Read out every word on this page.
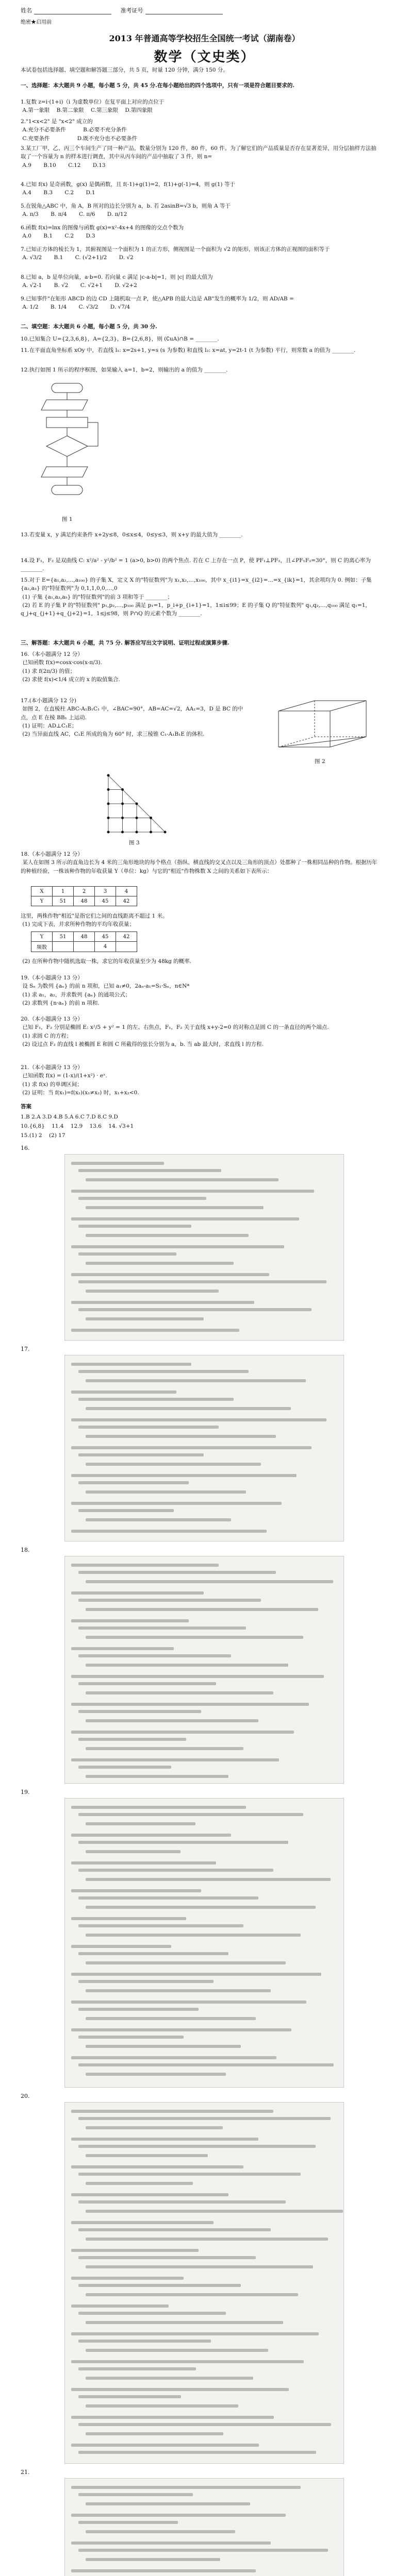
姓名	准考证号
绝密★启用前
2013 年普通高等学校招生全国统一考试（湖南卷）
数学（文史类）
本试卷包括选择题、填空题和解答题三部分，共 5 页，时量 120 分钟，满分 150 分。
一、选择题：本大题共 9 小题，每小题 5 分，共 45 分.在每小题给出的四个选项中，只有一项是符合题目要求的.
1.复数 z=i·(1+i)（i 为虚数单位）在复平面上对应的点位于
A.第一象限    B.第二象限    C.第三象限    D.第四象限
2."1<x<2" 是 "x<2" 成立的
A.充分不必要条件          B.必要不充分条件
C.充要条件                D.既不充分也不必要条件
3.某工厂甲、乙、丙三个车间生产了同一种产品，数量分别为 120 件，80 件，60 件。为了解它们的产品质量是否存在显著差异，用分层抽样方法抽取了一个容量为 n 的样本进行调查，其中从丙车间的产品中抽取了 3 件，则 n=
A.9       B.10       C.12       D.13
4.已知 f(x) 是奇函数，g(x) 是偶函数，且 f(-1)+g(1)=2，f(1)+g(-1)=4，则 g(1) 等于
A.4       B.3       C.2       D.1
5.在锐角△ABC 中，角 A，B 所对的边长分别为 a，b. 若 2asinB=√3 b，则角 A 等于
A. π/3       B. π/4       C. π/6       D. π/12
6.函数 f(x)=lnx 的图像与函数 g(x)=x²-4x+4 的图像的交点个数为
A.0       B.1       C.2       D.3
7.已知正方体的棱长为 1，其俯视图是一个面积为 1 的正方形，侧视图是一个面积为 √2 的矩形，则该正方体的正视图的面积等于
A. √3/2       B.1       C. (√2+1)/2       D. √2
8.已知 a，b 是单位向量，a·b=0. 若向量 c 满足 |c-a-b|=1，则 |c| 的最大值为
A. √2-1       B. √2       C. √2+1       D. √2+2
9.已知事件"在矩形 ABCD 的边 CD 上随机取一点 P，使△APB 的最大边是 AB"发生的概率为 1/2，则 AD/AB =
A. 1/2       B. 1/4       C. √3/2       D. √7/4
二、填空题：本大题共 6 小题，每小题 5 分，共 30 分.
10.已知集合 U={2,3,6,8}，A={2,3}，B={2,6,8}，则 (∁uA)∩B = ________.
11.在平面直角坐标系 xOy 中，若直线 l₁: x=2s+1, y=s (s 为参数) 和直线 l₂: x=at, y=2t-1 (t 为参数) 平行，则常数 a 的值为 ________.
12.执行如图 1 所示的程序框图，如果输入 a=1，b=2，则输出的 a 的值为 ________.
图 1
13.若变量 x，y 满足约束条件 x+2y≤8，0≤x≤4，0≤y≤3，则 x+y 的最大值为 ________.
14.设 F₁，F₂ 是双曲线 C: x²/a² - y²/b² = 1 (a>0, b>0) 的两个焦点. 若在 C 上存在一点 P，使 PF₁⊥PF₂，且∠PF₁F₂=30°，则 C 的离心率为 ________.
15.对于 E={a₁,a₂,…,a₁₀₀} 的子集 X，定义 X 的"特征数列"为 x₁,x₂,…,x₁₀₀，其中 x_{i1}=x_{i2}=…=x_{ik}=1，其余项均为 0. 例如：子集 {a₂,a₃} 的"特征数列"为 0,1,1,0,0,…,0
(1) 子集 {a₁,a₃,a₅} 的"特征数列"的前 3 项和等于 ________；
(2) 若 E 的子集 P 的"特征数列" p₁,p₂,…,p₁₀₀ 满足 p₁=1，p_i+p_{i+1}=1，1≤i≤99；E 的子集 Q 的"特征数列" q₁,q₂,…,q₁₀₀ 满足 q₁=1，q_j+q_{j+1}+q_{j+2}=1，1≤j≤98，则 P∩Q 的元素个数为 ________.
三、解答题：本大题共 6 小题，共 75 分. 解答应写出文字说明、证明过程或演算步骤.
16.（本小题满分 12 分）
已知函数 f(x)=cosx·cos(x-π/3).
(1) 求 f(2π/3) 的值；
(2) 求使 f(x)<1/4 成立的 x 的取值集合.
17.(本小题满分 12 分)
如图 2，在直棱柱 ABC-A₁B₁C₁ 中，∠BAC=90°，AB=AC=√2，AA₁=3，D 是 BC 的中点，点 E 在棱 BB₁ 上运动.
(1) 证明：AD⊥C₁E；
(2) 当异面直线 AC，C₁E 所成的角为 60° 时，求三棱锥 C₁-A₁B₁E 的体积.
图 2
图 3
18.（本小题满分 12 分）
某人在如图 3 所示的直角边长为 4 米的三角形地块的每个格点（指纵、横直线的交叉点以及三角形的顶点）处都种了一株相同品种的作物。根据历年的种植经验，一株该种作物的年收获量 Y（单位：kg）与它的"相近"作物株数 X 之间的关系如下表所示：
X	1	2	3	4
Y	51	48	45	42
这里，两株作物"相近"是指它们之间的直线距离不超过 1 米。
(1) 完成下表，并求所种作物的平均年收获量；
Y	51	48	45	42
频数			4	
(2) 在所种作物中随机选取一株，求它的年收获量至少为 48kg 的概率.
19.（本小题满分 13 分）
设 Sₙ 为数列 {aₙ} 的前 n 项和，已知 a₁≠0，2aₙ-a₁=S₁·Sₙ，n∈N*
(1) 求 a₁，a₂，并求数列 {aₙ} 的通项公式；
(2) 求数列 {n·aₙ} 的前 n 项和.
20.（本小题满分 13 分）
已知 F₁，F₂ 分别是椭圆 E: x²/5 + y² = 1 的左、右焦点，F₁，F₂ 关于直线 x+y-2=0 的对称点是圆 C 的一条直径的两个端点.
(1) 求圆 C 的方程；
(2) 设过点 F₂ 的直线 l 被椭圆 E 和圆 C 所截得的弦长分别为 a，b. 当 ab 最大时，求直线 l 的方程.
21.（本小题满分 13 分）
已知函数 f(x) = (1-x)/(1+x²) · eˣ.
(1) 求 f(x) 的单调区间；
(2) 证明：当 f(x₁)=f(x₂)(x₁≠x₂) 时，x₁+x₂<0.
答案
1.B 2.A 3.D 4.B 5.A 6.C 7.D 8.C 9.D
10.{6,8}    11.4    12.9    13.6    14. √3+1
15.(1) 2    (2) 17
16.
17.
18.
19.
20.
21.
